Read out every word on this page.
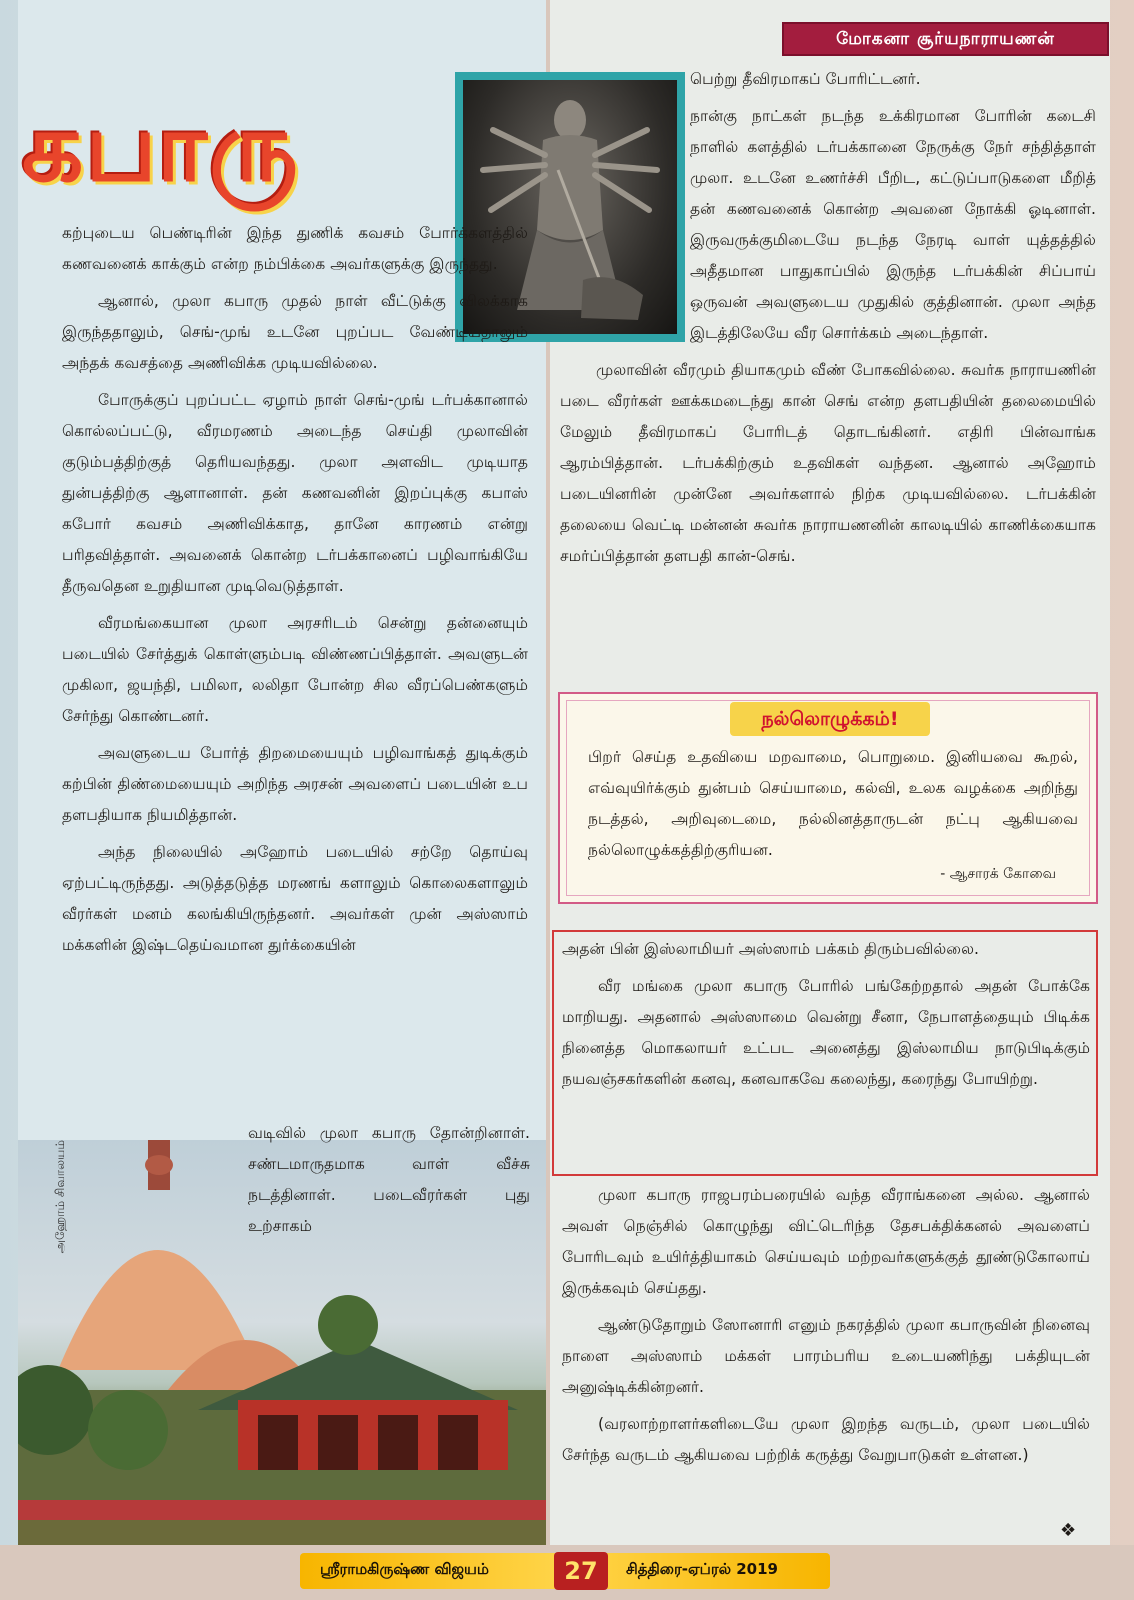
மோகனா சூர்யநாராயணன்
கபாரு

கற்புடைய பெண்டிரின் இந்த துணிக் கவசம் போர்க்களத்தில் கணவனைக் காக்கும் என்ற நம்பிக்கை அவர்களுக்கு இருந்தது.

ஆனால், முலா கபாரு முதல் நாள் வீட்டுக்கு விலக்காக இருந்ததாலும், செங்-முங் உடனே புறப்பட வேண்டியதாலும் அந்தக் கவசத்தை அணிவிக்க முடியவில்லை.

போருக்குப் புறப்பட்ட ஏழாம் நாள் செங்-முங் டர்பக்கானால் கொல்லப்பட்டு, வீரமரணம் அடைந்த செய்தி முலாவின் குடும்பத்திற்குத் தெரியவந்தது. முலா அளவிட முடியாத துன்பத்திற்கு ஆளானாள். தன் கணவனின் இறப்புக்கு கபாஸ் கபோர் கவசம் அணிவிக்காத, தானே காரணம் என்று பரிதவித்தாள். அவனைக் கொன்ற டர்பக்கானைப் பழிவாங்கியே தீருவதென உறுதியான முடிவெடுத்தாள்.

வீரமங்கையான முலா அரசரிடம் சென்று தன்னையும் படையில் சேர்த்துக் கொள்ளும்படி விண்ணப்பித்தாள். அவளுடன் முகிலா, ஜயந்தி, பமிலா, லலிதா போன்ற சில வீரப்பெண்களும் சேர்ந்து கொண்டனர்.

அவளுடைய போர்த் திறமையையும் பழிவாங்கத் துடிக்கும் கற்பின் திண்மையையும் அறிந்த அரசன் அவளைப் படையின் உப தளபதியாக நியமித்தான்.

அந்த நிலையில் அஹோம் படையில் சற்றே தொய்வு ஏற்பட்டிருந்தது. அடுத்தடுத்த மரணங் களாலும் கொலைகளாலும் வீரர்கள் மனம் கலங்கியிருந்தனர். அவர்கள் முன் அஸ்ஸாம் மக்களின் இஷ்டதெய்வமான துர்க்கையின்

அஹோம் சிவாலயம்

வடிவில் முலா கபாரு தோன்றினாள். சண்டமாருதமாக வாள் வீச்சு நடத்தினாள். படைவீரர்கள் புது உற்சாகம்

பெற்று தீவிரமாகப் போரிட்டனர்.

நான்கு நாட்கள் நடந்த உக்கிரமான போரின் கடைசி நாளில் களத்தில் டர்பக்கானை நேருக்கு நேர் சந்தித்தாள் முலா. உடனே உணர்ச்சி பீறிட, கட்டுப்பாடுகளை மீறித் தன் கணவனைக் கொன்ற அவனை நோக்கி ஓடினாள். இருவருக்குமிடையே நடந்த நேரடி வாள் யுத்தத்தில் அதீதமான பாதுகாப்பில் இருந்த டர்பக்கின் சிப்பாய் ஒருவன் அவளுடைய முதுகில் குத்தினான். முலா அந்த இடத்திலேயே வீர சொர்க்கம் அடைந்தாள்.

முலாவின் வீரமும் தியாகமும் வீண் போகவில்லை. சுவர்க நாராயணின் படை வீரர்கள் ஊக்கமடைந்து கான் செங் என்ற தளபதியின் தலைமையில் மேலும் தீவிரமாகப் போரிடத் தொடங்கினர். எதிரி பின்வாங்க ஆரம்பித்தான். டர்பக்கிற்கும் உதவிகள் வந்தன. ஆனால் அஹோம் படையினரின் முன்னே அவர்களால் நிற்க முடியவில்லை. டர்பக்கின் தலையை வெட்டி மன்னன் சுவர்க நாராயணனின் காலடியில் காணிக்கையாக சமர்ப்பித்தான் தளபதி கான்-செங்.

நல்லொழுக்கம்!
பிறர் செய்த உதவியை மறவாமை, பொறுமை. இனியவை கூறல், எவ்வுயிர்க்கும் துன்பம் செய்யாமை, கல்வி, உலக வழக்கை அறிந்து நடத்தல், அறிவுடைமை, நல்லினத்தாருடன் நட்பு ஆகியவை நல்லொழுக்கத்திற்குரியன.
- ஆசாரக் கோவை

அதன் பின் இஸ்லாமியர் அஸ்ஸாம் பக்கம் திரும்பவில்லை.

வீர மங்கை முலா கபாரு போரில் பங்கேற்றதால் அதன் போக்கே மாறியது. அதனால் அஸ்ஸாமை வென்று சீனா, நேபாளத்தையும் பிடிக்க நினைத்த மொகலாயர் உட்பட அனைத்து இஸ்லாமிய நாடுபிடிக்கும் நயவஞ்சகர்களின் கனவு, கனவாகவே கலைந்து, கரைந்து போயிற்று.

முலா கபாரு ராஜபரம்பரையில் வந்த வீராங்கனை அல்ல. ஆனால் அவள் நெஞ்சில் கொழுந்து விட்டெரிந்த தேசபக்திக்கனல் அவளைப் போரிடவும் உயிர்த்தியாகம் செய்யவும் மற்றவர்களுக்குத் தூண்டுகோலாய் இருக்கவும் செய்தது.

ஆண்டுதோறும் ஸோனாரி எனும் நகரத்தில் முலா கபாருவின் நினைவு நாளை அஸ்ஸாம் மக்கள் பாரம்பரிய உடையணிந்து பக்தியுடன் அனுஷ்டிக்கின்றனர்.

(வரலாற்றாளர்களிடையே முலா இறந்த வருடம், முலா படையில் சேர்ந்த வருடம் ஆகியவை பற்றிக் கருத்து வேறுபாடுகள் உள்ளன.)

❖
ஸ்ரீராமகிருஷ்ண விஜயம்	27	சித்திரை-ஏப்ரல் 2019
